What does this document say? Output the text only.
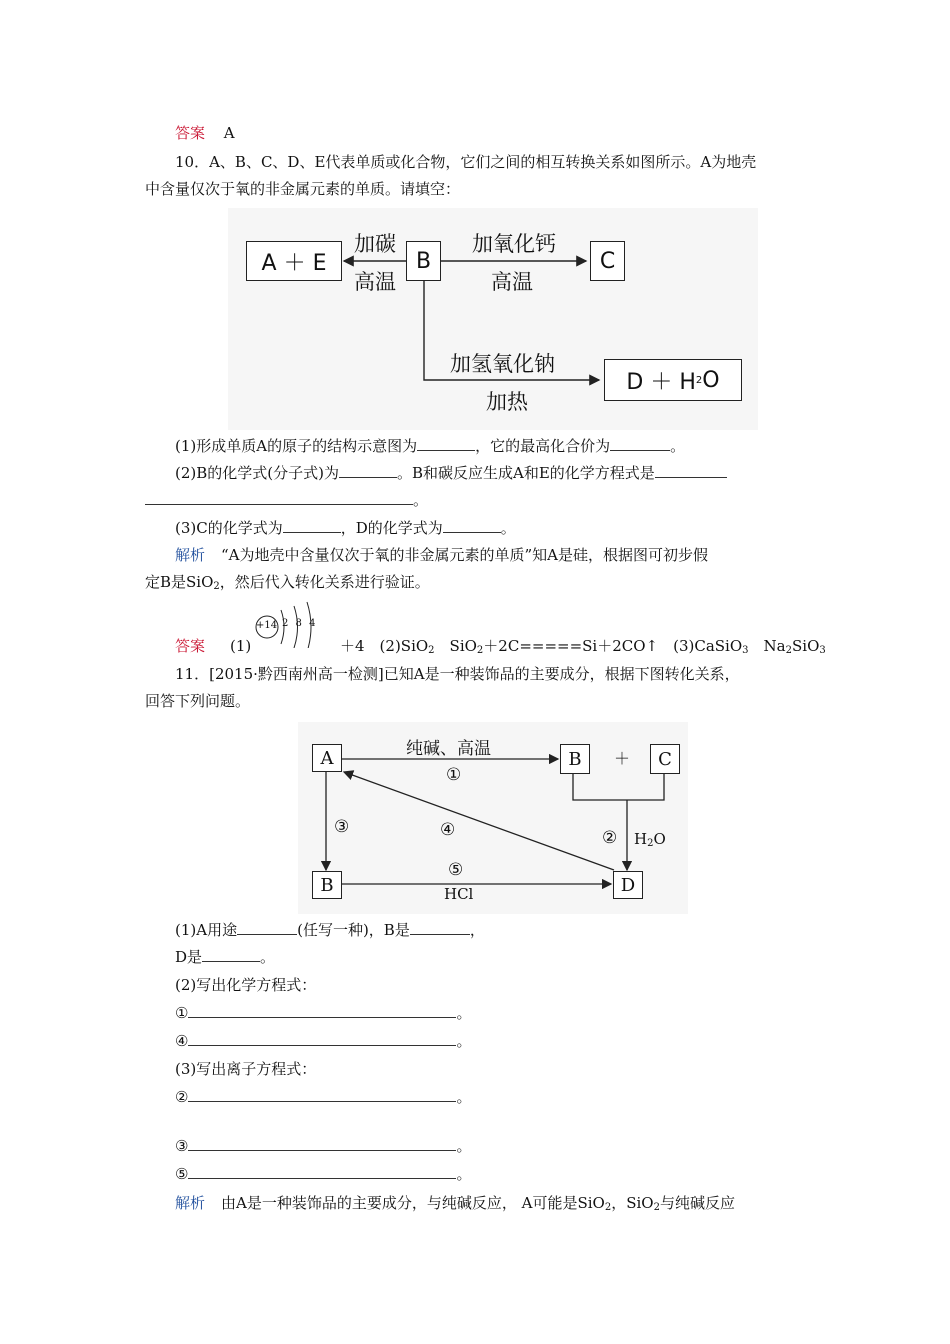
答案 A
10．A、B、C、D、E代表单质或化合物，它们之间的相互转换关系如图所示。A为地壳
中含量仅次于氧的非金属元素的单质。请填空：
A ＋ E	B	C
D ＋ H 2 O
加碳
高温
加氧化钙
高温
加氢氧化钠
加热
(1)形成单质A的原子的结构示意图为	，它的最高化合价为	。
(2)B的化学式(分子式)为	。B和碳反应生成A和E的化学方程式是
。
(3)C的化学式为	，D的化学式为	。
解析 “A为地壳中含量仅次于氧的非金属元素的单质”知A是硅，根据图可初步假
定B是SiO$_2$，然后代入转化关系进行验证。
答案 (1)
+14 2 8 4
＋4　(2)SiO$_2$　SiO$_2$＋2C=====Si＋2CO↑　(3)CaSiO$_3$　$Na_2SiO_3$
11．[2015·黔西南州高一检测]已知A是一种装饰品的主要成分，根据下图转化关系，
回答下列问题。
A	B	＋	C
B	D
纯碱、高温
①
③	④	② $H_2O$
⑤
HCl
(1)A用途	(任写一种)，B是	，
D是	。
(2)写出化学方程式：
①	。
④	。
(3)写出离子方程式：
②	。
③	。
⑤	。
解析 由A是一种装饰品的主要成分，与纯碱反应， A可能是SiO$_2$，SiO$_2$与纯碱反应
